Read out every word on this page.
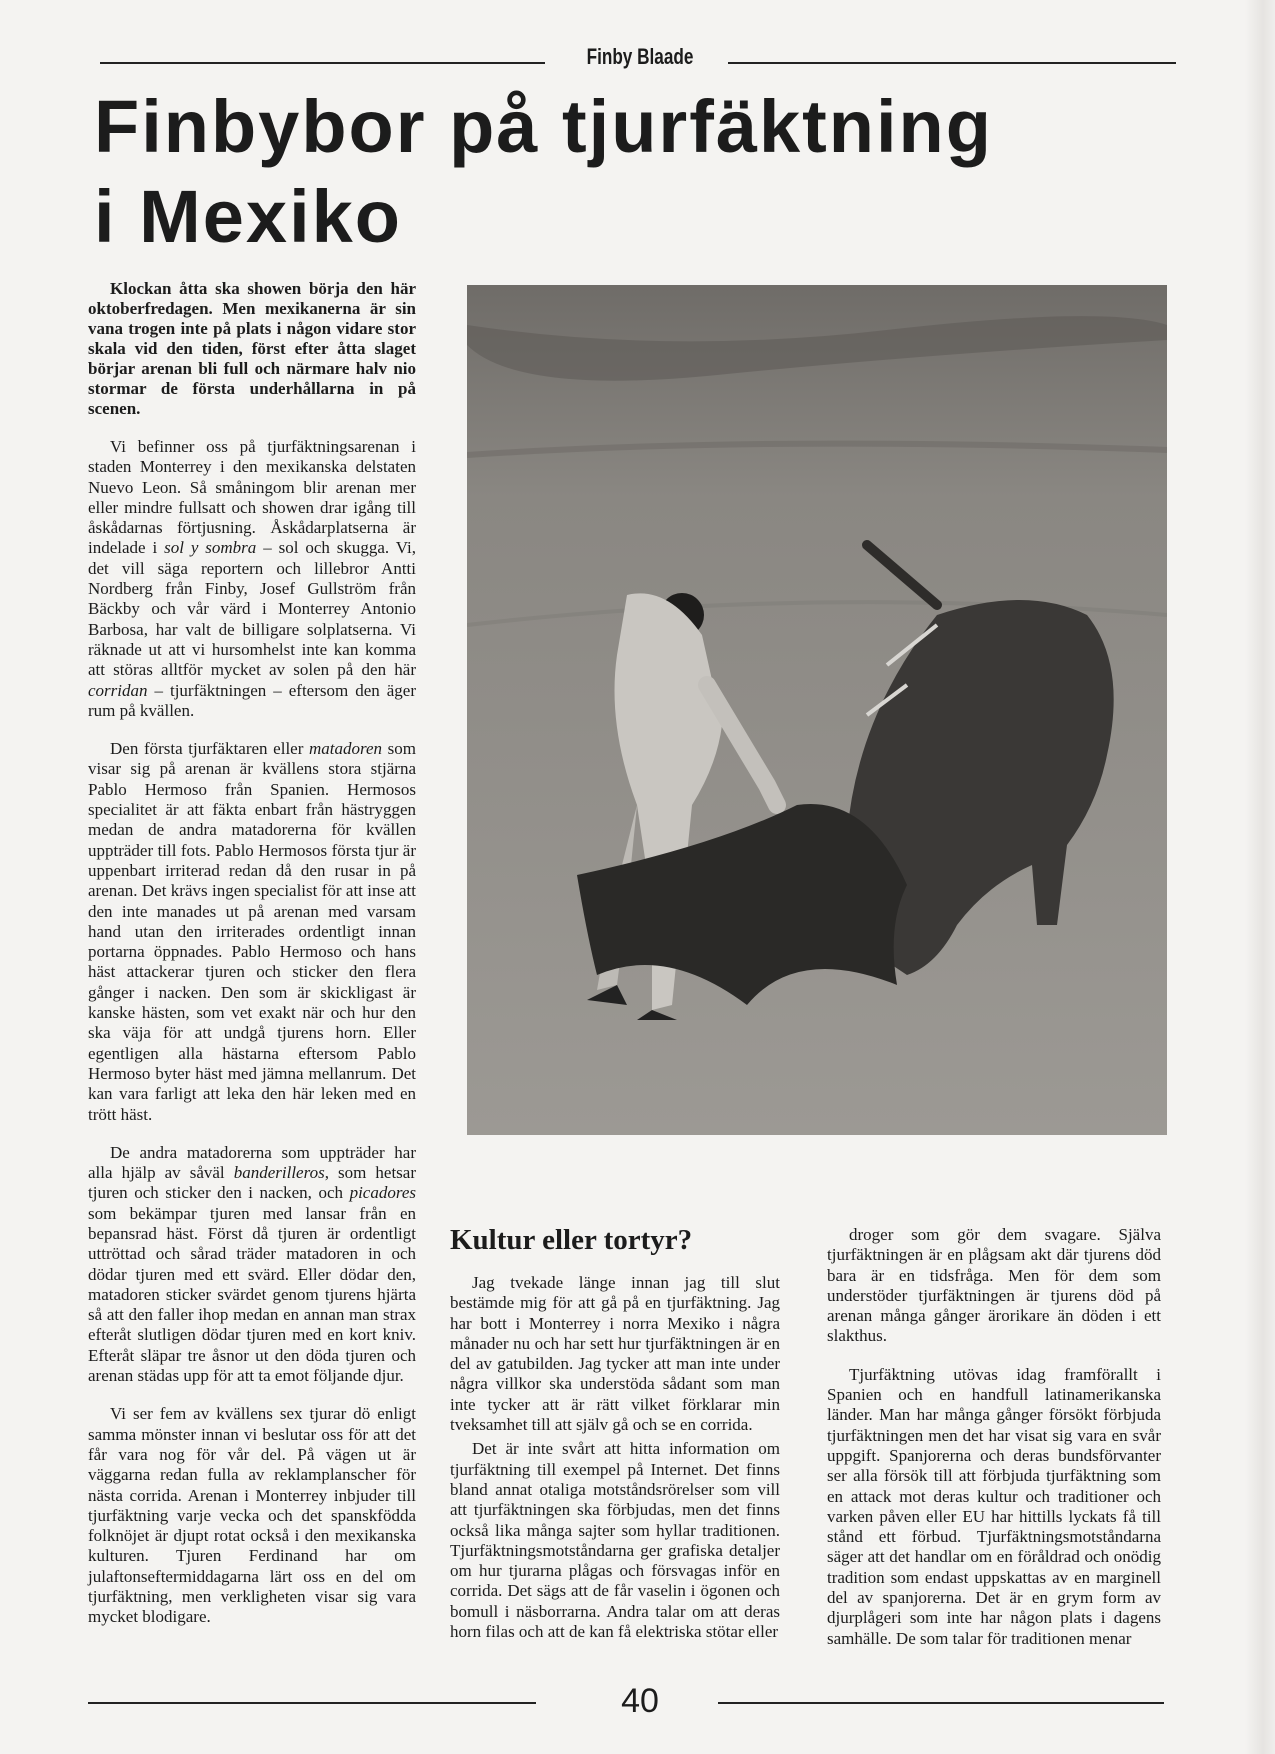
Finby Blaade
Finbybor på tjurfäktning
i Mexiko

Klockan åtta ska showen börja den här oktoberfredagen. Men mexikanerna är sin vana trogen inte på plats i någon vidare stor skala vid den tiden, först efter åtta slaget börjar arenan bli full och närmare halv nio stormar de första underhållarna in på scenen.

Vi befinner oss på tjurfäktningsarenan i staden Monterrey i den mexikanska delstaten Nuevo Leon. Så småningom blir arenan mer eller mindre fullsatt och showen drar igång till åskådarnas förtjusning. Åskådarplatserna är indelade i sol y sombra – sol och skugga. Vi, det vill säga reportern och lillebror Antti Nordberg från Finby, Josef Gullström från Bäckby och vår värd i Monterrey Antonio Barbosa, har valt de billigare solplatserna. Vi räknade ut att vi hursomhelst inte kan komma att störas alltför mycket av solen på den här corridan – tjurfäktningen – eftersom den äger rum på kvällen.

Den första tjurfäktaren eller matadoren som visar sig på arenan är kvällens stora stjärna Pablo Hermoso från Spanien. Hermosos specialitet är att fäkta enbart från hästryggen medan de andra matadorerna för kvällen uppträder till fots. Pablo Hermosos första tjur är uppenbart irriterad redan då den rusar in på arenan. Det krävs ingen specialist för att inse att den inte manades ut på arenan med varsam hand utan den irriterades ordentligt innan portarna öppnades. Pablo Hermoso och hans häst attackerar tjuren och sticker den flera gånger i nacken. Den som är skickligast är kanske hästen, som vet exakt när och hur den ska väja för att undgå tjurens horn. Eller egentligen alla hästarna eftersom Pablo Hermoso byter häst med jämna mellanrum. Det kan vara farligt att leka den här leken med en trött häst.

De andra matadorerna som uppträder har alla hjälp av såväl banderilleros, som hetsar tjuren och sticker den i nacken, och picadores som bekämpar tjuren med lansar från en bepansrad häst. Först då tjuren är ordentligt uttröttad och sårad träder matadoren in och dödar tjuren med ett svärd. Eller dödar den, matadoren sticker svärdet genom tjurens hjärta så att den faller ihop medan en annan man strax efteråt slutligen dödar tjuren med en kort kniv. Efteråt släpar tre åsnor ut den döda tjuren och arenan städas upp för att ta emot följande djur.

Vi ser fem av kvällens sex tjurar dö enligt samma mönster innan vi beslutar oss för att det får vara nog för vår del. På vägen ut är väggarna redan fulla av reklamplanscher för nästa corrida. Arenan i Monterrey inbjuder till tjurfäktning varje vecka och det spanskfödda folknöjet är djupt rotat också i den mexikanska kulturen. Tjuren Ferdinand har om julaftonseftermiddagarna lärt oss en del om tjurfäktning, men verkligheten visar sig vara mycket blodigare.

Kultur eller tortyr?

Jag tvekade länge innan jag till slut bestämde mig för att gå på en tjurfäktning. Jag har bott i Monterrey i norra Mexiko i några månader nu och har sett hur tjurfäktningen är en del av gatubilden. Jag tycker att man inte under några villkor ska understöda sådant som man inte tycker att är rätt vilket förklarar min tveksamhet till att själv gå och se en corrida.

Det är inte svårt att hitta information om tjurfäktning till exempel på Internet. Det finns bland annat otaliga motståndsrörelser som vill att tjurfäktningen ska förbjudas, men det finns också lika många sajter som hyllar traditionen. Tjurfäktningsmotståndarna ger grafiska detaljer om hur tjurarna plågas och försvagas inför en corrida. Det sägs att de får vaselin i ögonen och bomull i näsborrarna. Andra talar om att deras horn filas och att de kan få elektriska stötar eller

droger som gör dem svagare. Själva tjurfäktningen är en plågsam akt där tjurens död bara är en tidsfråga. Men för dem som understöder tjurfäktningen är tjurens död på arenan många gånger ärorikare än döden i ett slakthus.

Tjurfäktning utövas idag framförallt i Spanien och en handfull latinamerikanska länder. Man har många gånger försökt förbjuda tjurfäktningen men det har visat sig vara en svår uppgift. Spanjorerna och deras bundsförvanter ser alla försök till att förbjuda tjurfäktning som en attack mot deras kultur och traditioner och varken påven eller EU har hittills lyckats få till stånd ett förbud. Tjurfäktningsmotståndarna säger att det handlar om en föråldrad och onödig tradition som endast uppskattas av en marginell del av spanjorerna. Det är en grym form av djurplågeri som inte har någon plats i dagens samhälle. De som talar för traditionen menar

40
